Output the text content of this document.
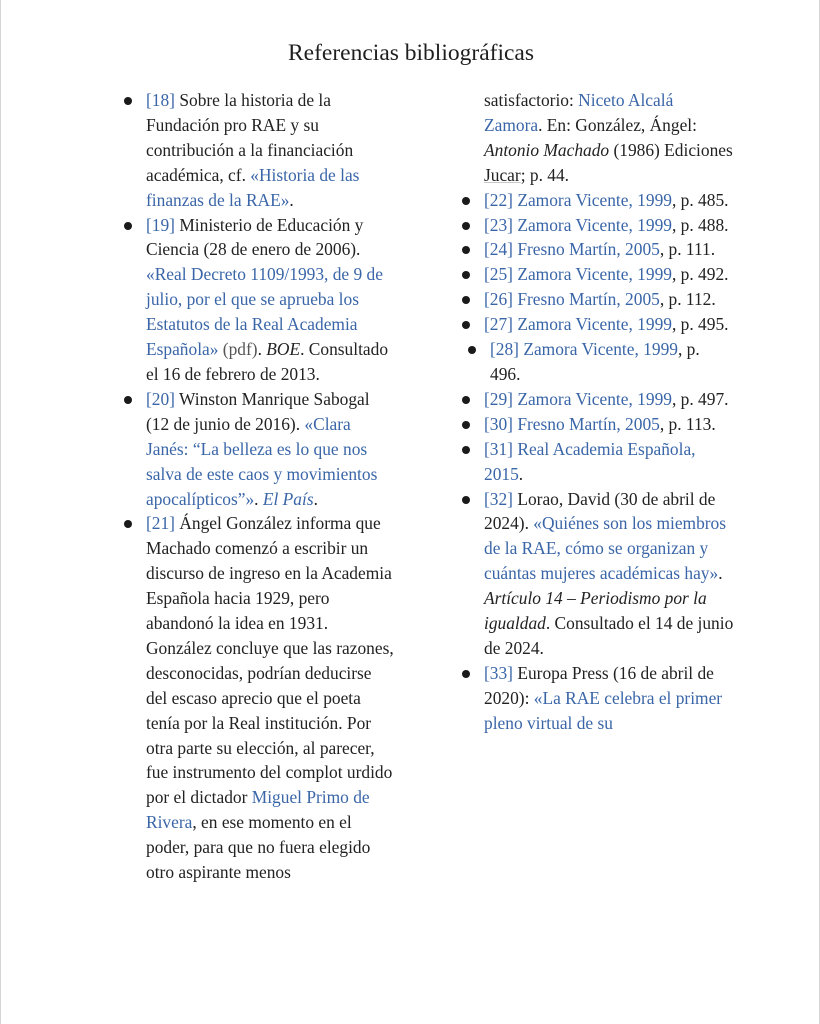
Referencias bibliográficas
[18] Sobre la historia de la Fundación pro RAE y su contribución a la financiación académica, cf. «Historia de las finanzas de la RAE».
[19] Ministerio de Educación y Ciencia (28 de enero de 2006). «Real Decreto 1109/1993, de 9 de julio, por el que se aprueba los Estatutos de la Real Academia Española» (pdf). BOE. Consultado el 16 de febrero de 2013.
[20] Winston Manrique Sabogal (12 de junio de 2016). «Clara Janés: “La belleza es lo que nos salva de este caos y movimientos apocalípticos”». El País.
[21] Ángel González informa que Machado comenzó a escribir un discurso de ingreso en la Academia Española hacia 1929, pero abandonó la idea en 1931. González concluye que las razones, desconocidas, podrían deducirse del escaso aprecio que el poeta tenía por la Real institución. Por otra parte su elección, al parecer, fue instrumento del complot urdido por el dictador Miguel Primo de Rivera, en ese momento en el poder, para que no fuera elegido otro aspirante menos
satisfactorio: Niceto Alcalá Zamora. En: González, Ángel: Antonio Machado (1986) Ediciones Jucar; p. 44.
[22] Zamora Vicente, 1999, p. 485.
[23] Zamora Vicente, 1999, p. 488.
[24] Fresno Martín, 2005, p. 111.
[25] Zamora Vicente, 1999, p. 492.
[26] Fresno Martín, 2005, p. 112.
[27] Zamora Vicente, 1999, p. 495.
[28] Zamora Vicente, 1999, p. 496.
[29] Zamora Vicente, 1999, p. 497.
[30] Fresno Martín, 2005, p. 113.
[31] Real Academia Española, 2015.
[32] Lorao, David (30 de abril de 2024). «Quiénes son los miembros de la RAE, cómo se organizan y cuántas mujeres académicas hay». Artículo 14 – Periodismo por la igualdad. Consultado el 14 de junio de 2024.
[33] Europa Press (16 de abril de 2020): «La RAE celebra el primer pleno virtual de su
